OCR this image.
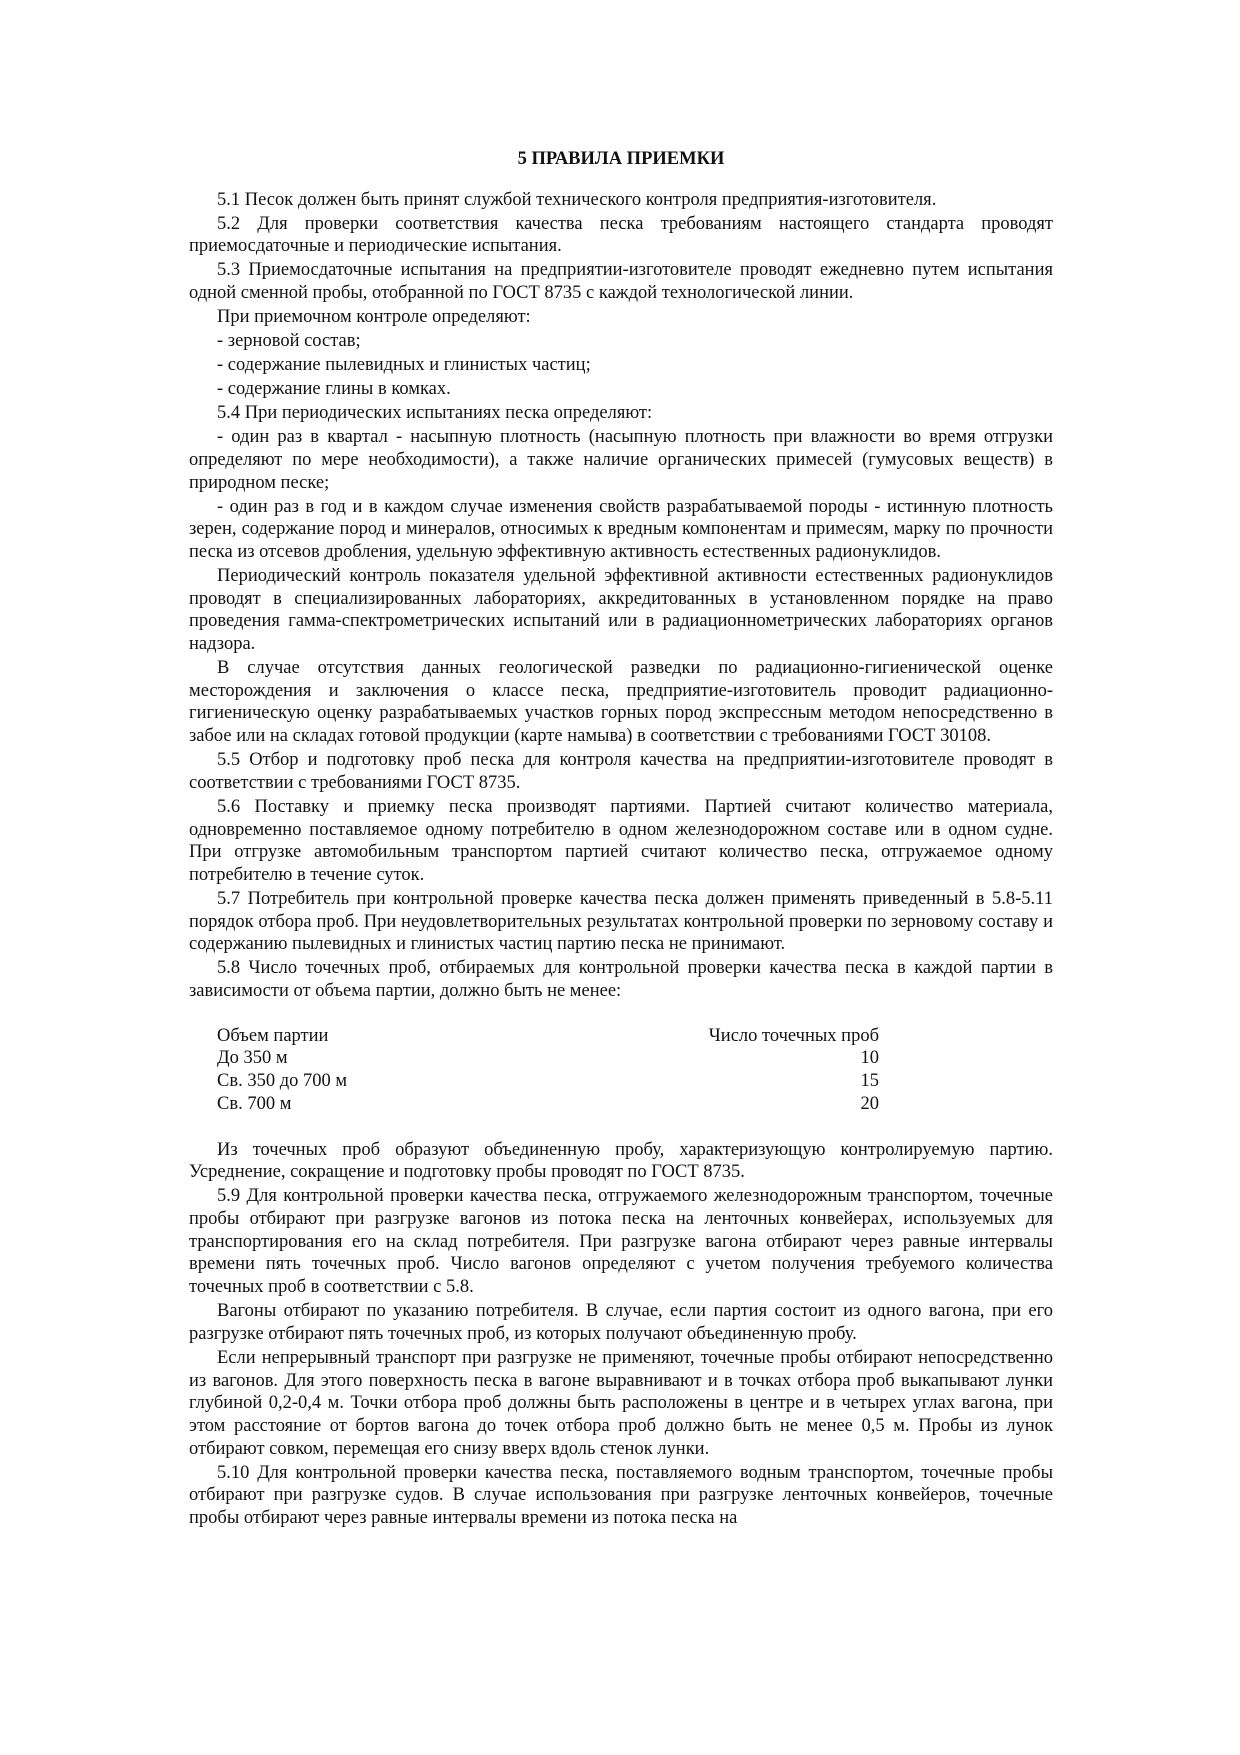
5 ПРАВИЛА ПРИЕМКИ

5.1 Песок должен быть принят службой технического контроля предприятия-изготовителя.

5.2 Для проверки соответствия качества песка требованиям настоящего стандарта проводят приемосдаточные и периодические испытания.

5.3 Приемосдаточные испытания на предприятии-изготовителе проводят ежедневно путем испытания одной сменной пробы, отобранной по ГОСТ 8735 с каждой технологической линии.

При приемочном контроле определяют:

- зерновой состав;

- содержание пылевидных и глинистых частиц;

- содержание глины в комках.

5.4 При периодических испытаниях песка определяют:

- один раз в квартал - насыпную плотность (насыпную плотность при влажности во время отгрузки определяют по мере необходимости), а также наличие органических примесей (гумусовых веществ) в природном песке;

- один раз в год и в каждом случае изменения свойств разрабатываемой породы - истинную плотность зерен, содержание пород и минералов, относимых к вредным компонентам и примесям, марку по прочности песка из отсевов дробления, удельную эффективную активность естественных радионуклидов.

Периодический контроль показателя удельной эффективной активности естественных радионуклидов проводят в специализированных лабораториях, аккредитованных в установленном порядке на право проведения гамма-спектрометрических испытаний или в радиационнометрических лабораториях органов надзора.

В случае отсутствия данных геологической разведки по радиационно-гигиенической оценке месторождения и заключения о классе песка, предприятие-изготовитель проводит радиационно-гигиеническую оценку разрабатываемых участков горных пород экспрессным методом непосредственно в забое или на складах готовой продукции (карте намыва) в соответствии с требованиями ГОСТ 30108.

5.5 Отбор и подготовку проб песка для контроля качества на предприятии-изготовителе проводят в соответствии с требованиями ГОСТ 8735.

5.6 Поставку и приемку песка производят партиями. Партией считают количество материала, одновременно поставляемое одному потребителю в одном железнодорожном составе или в одном судне. При отгрузке автомобильным транспортом партией считают количество песка, отгружаемое одному потребителю в течение суток.

5.7 Потребитель при контрольной проверке качества песка должен применять приведенный в 5.8-5.11 порядок отбора проб. При неудовлетворительных результатах контрольной проверки по зерновому составу и содержанию пылевидных и глинистых частиц партию песка не принимают.

5.8 Число точечных проб, отбираемых для контрольной проверки качества песка в каждой партии в зависимости от объема партии, должно быть не менее:

Объем партии	Число точечных проб
До 350 м	10
Св. 350 до 700 м	15
Св. 700 м	20

Из точечных проб образуют объединенную пробу, характеризующую контролируемую партию. Усреднение, сокращение и подготовку пробы проводят по ГОСТ 8735.

5.9 Для контрольной проверки качества песка, отгружаемого железнодорожным транспортом, точечные пробы отбирают при разгрузке вагонов из потока песка на ленточных конвейерах, используемых для транспортирования его на склад потребителя. При разгрузке вагона отбирают через равные интервалы времени пять точечных проб. Число вагонов определяют с учетом получения требуемого количества точечных проб в соответствии с 5.8.

Вагоны отбирают по указанию потребителя. В случае, если партия состоит из одного вагона, при его разгрузке отбирают пять точечных проб, из которых получают объединенную пробу.

Если непрерывный транспорт при разгрузке не применяют, точечные пробы отбирают непосредственно из вагонов. Для этого поверхность песка в вагоне выравнивают и в точках отбора проб выкапывают лунки глубиной 0,2-0,4 м. Точки отбора проб должны быть расположены в центре и в четырех углах вагона, при этом расстояние от бортов вагона до точек отбора проб должно быть не менее 0,5 м. Пробы из лунок отбирают совком, перемещая его снизу вверх вдоль стенок лунки.

5.10 Для контрольной проверки качества песка, поставляемого водным транспортом, точечные пробы отбирают при разгрузке судов. В случае использования при разгрузке ленточных конвейеров, точечные пробы отбирают через равные интервалы времени из потока песка на
